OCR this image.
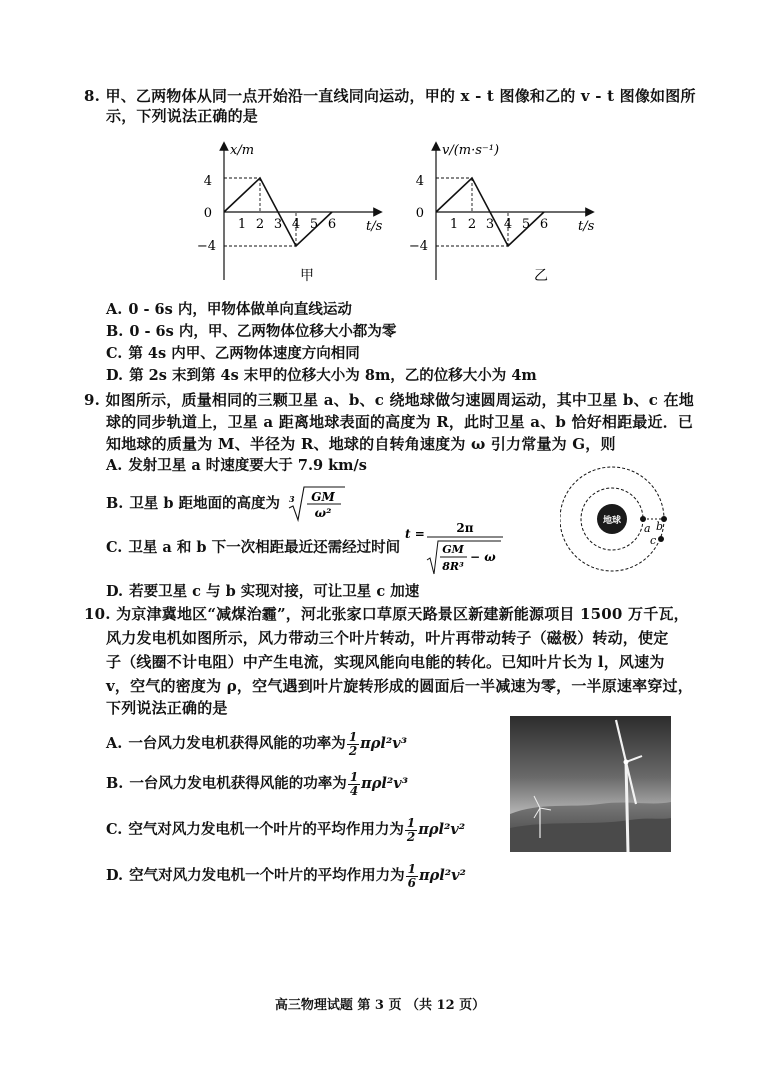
8. 甲、乙两物体从同一点开始沿一直线同向运动，甲的 x - t 图像和乙的 v - t 图像如图所
示，下列说法正确的是
1 2 3 4 5 6
x/m
t/s
4
0
−4
甲
1 2 3 4 5 6
v/(m·s⁻¹)
t/s
4
0
−4
乙
A. 0 - 6s 内，甲物体做单向直线运动
B. 0 - 6s 内，甲、乙两物体位移大小都为零
C. 第 4s 内甲、乙两物体速度方向相同
D. 第 2s 末到第 4s 末甲的位移大小为 8m，乙的位移大小为 4m
9. 如图所示，质量相同的三颗卫星 a、b、c 绕地球做匀速圆周运动，其中卫星 b、c 在地
球的同步轨道上，卫星 a 距离地球表面的高度为 R，此时卫星 a、b 恰好相距最近．已
知地球的质量为 M、半径为 R、地球的自转角速度为 ω 引力常量为 G，则
A. 发射卫星 a 时速度要大于 7.9 km/s
B. 卫星 b 距地面的高度为 3 GM
ω²
C. 卫星 a 和 b 下一次相距最近还需经过时间
t =	2π
GM
8R³
− ω
D. 若要卫星 c 与 b 实现对接，可让卫星 c 加速
地球
a b
c
10. 为京津冀地区“减煤治霾”，河北张家口草原天路景区新建新能源项目 1500 万千瓦，
风力发电机如图所示，风力带动三个叶片转动，叶片再带动转子（磁极）转动，使定
子（线圈不计电阻）中产生电流，实现风能向电能的转化。已知叶片长为 l，风速为
v，空气的密度为 ρ，空气遇到叶片旋转形成的圆面后一半减速为零，一半原速率穿过，
下列说法正确的是
A. 一台风力发电机获得风能的功率为 $\frac{1}{2} \pi\rho l^2v^3$
B. 一台风力发电机获得风能的功率为 $\frac{1}{4} \pi\rho l^2v^3$
C. 空气对风力发电机一个叶片的平均作用力为 $\frac{1}{2} \pi\rho l^2v^2$
D. 空气对风力发电机一个叶片的平均作用力为 $\frac{1}{6} \pi\rho l^2v^2$
高三物理试题 第 3 页 （共 12 页）
